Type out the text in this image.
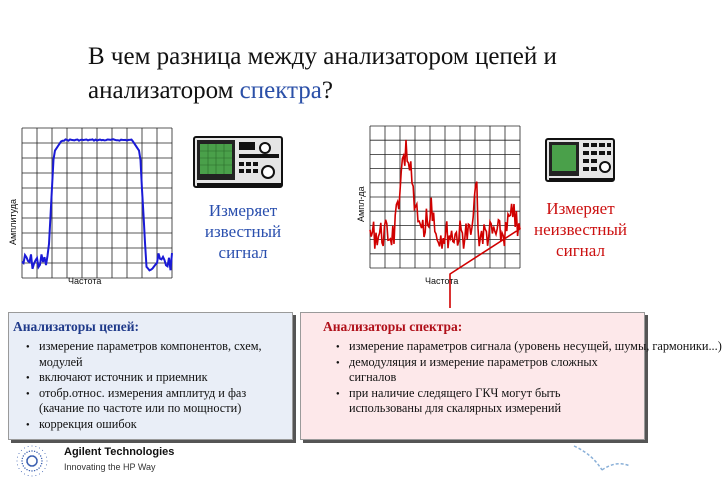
В чем разница между анализатором цепей и анализатором спектра?
Амплитуда
Частота
Измеряет
известный
сигнал
Ампл-да
Частота
Измеряет
неизвестный
сигнал
Анализаторы цепей:
● измерение параметров компонентов, схем, модулей
● включают источник и приемник
● отобр.относ. измерения амплитуд и фаз (качание по частоте или по мощности)
● коррекция ошибок
Анализаторы спектра:
● измерение параметров сигнала (уровень несущей, шумы, гармоники...)
● демодуляция и измерение параметров сложных сигналов
● при наличие следящего ГКЧ могут быть использованы для скалярных измерений
Agilent Technologies
Innovating the HP Way
